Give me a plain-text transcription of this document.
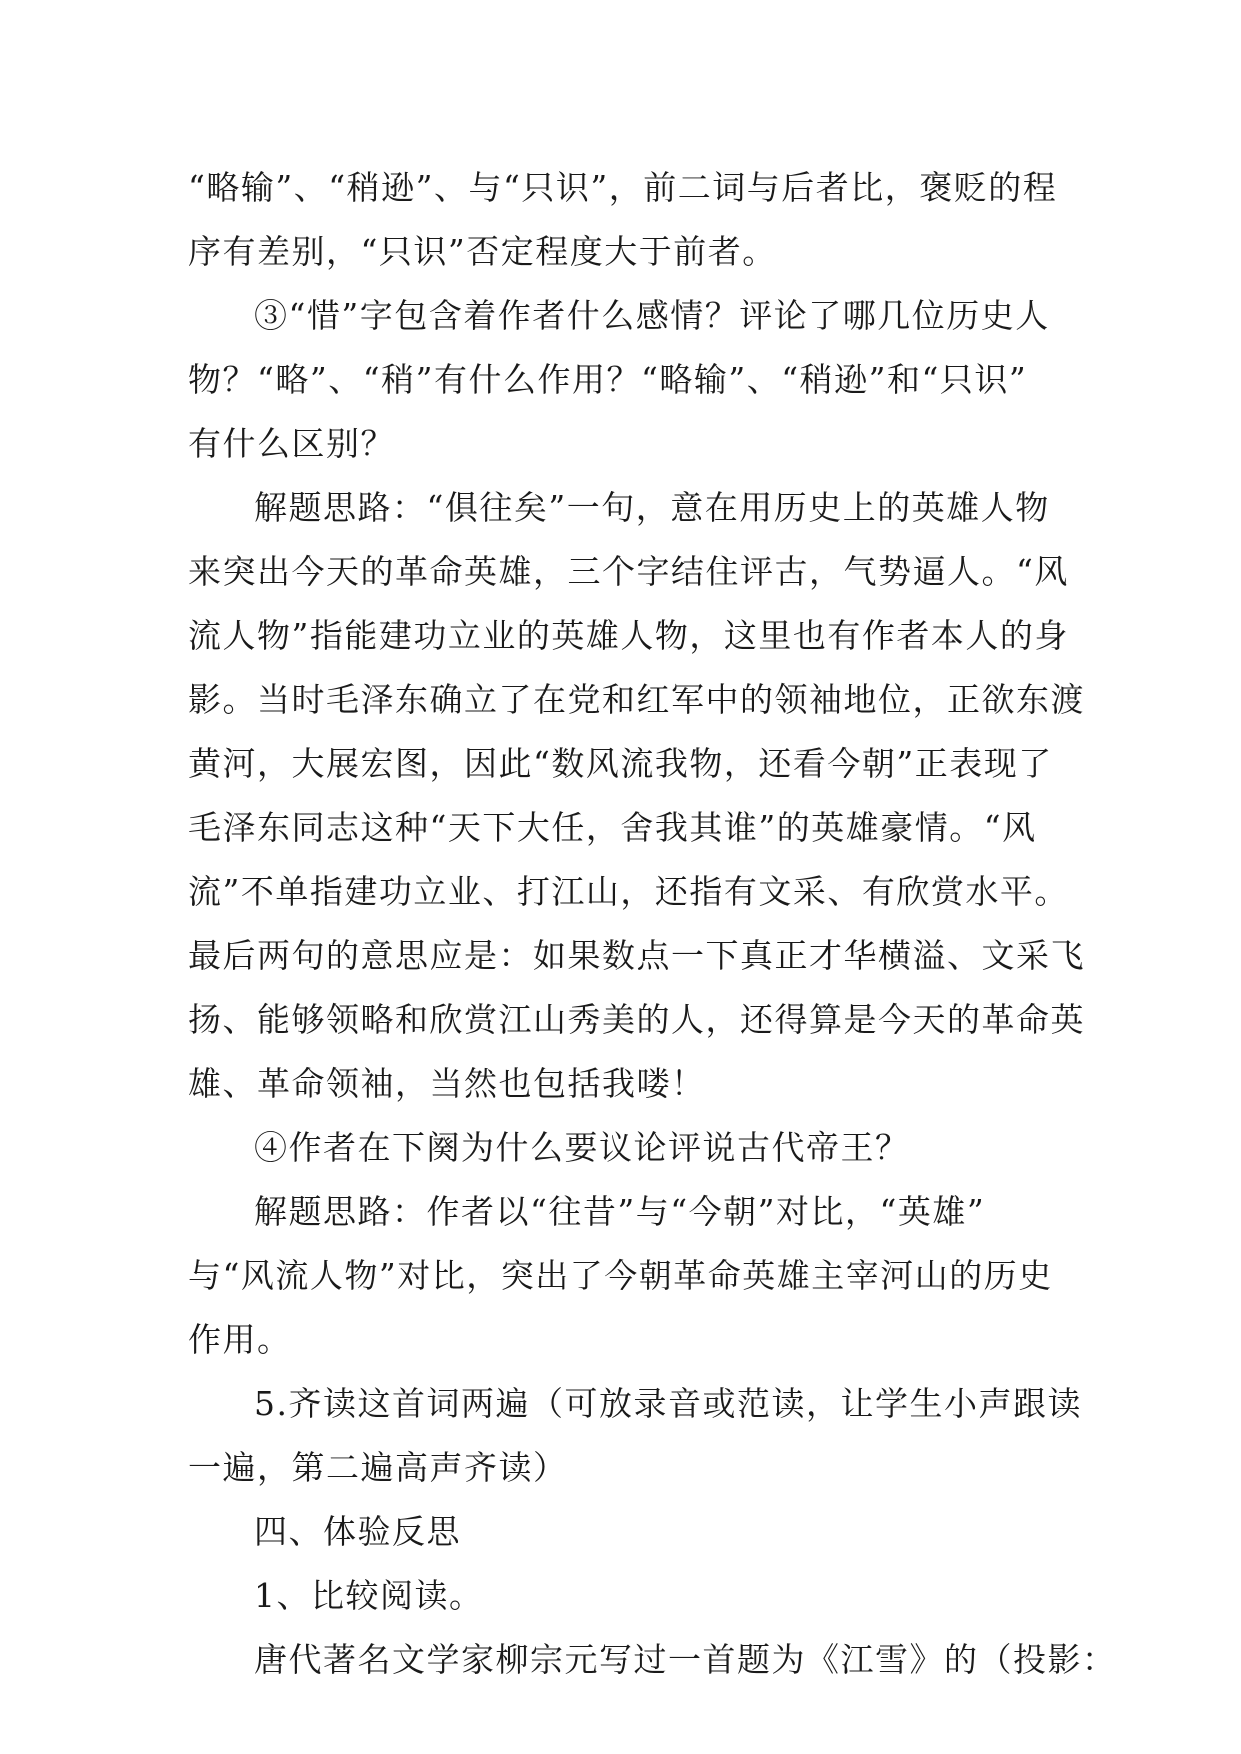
“略输”、“稍逊”、与“只识”，前二词与后者比，褒贬的程
序有差别，“只识”否定程度大于前者。
③“惜”字包含着作者什么感情？评论了哪几位历史人
物？“略”、“稍”有什么作用？“略输”、“稍逊”和“只识”
有什么区别？
解题思路：“俱往矣”一句，意在用历史上的英雄人物
来突出今天的革命英雄，三个字结住评古，气势逼人。“风
流人物”指能建功立业的英雄人物，这里也有作者本人的身
影。当时毛泽东确立了在党和红军中的领袖地位，正欲东渡
黄河，大展宏图，因此“数风流我物，还看今朝”正表现了
毛泽东同志这种“天下大任，舍我其谁”的英雄豪情。“风
流”不单指建功立业、打江山，还指有文采、有欣赏水平。
最后两句的意思应是：如果数点一下真正才华横溢、文采飞
扬、能够领略和欣赏江山秀美的人，还得算是今天的革命英
雄、革命领袖，当然也包括我喽！
④作者在下阕为什么要议论评说古代帝王？
解题思路：作者以“往昔”与“今朝”对比，“英雄”
与“风流人物”对比，突出了今朝革命英雄主宰河山的历史
作用。
5.齐读这首词两遍（可放录音或范读，让学生小声跟读
一遍，第二遍高声齐读）
四、体验反思
1、比较阅读。
唐代著名文学家柳宗元写过一首题为《江雪》的（投影：
